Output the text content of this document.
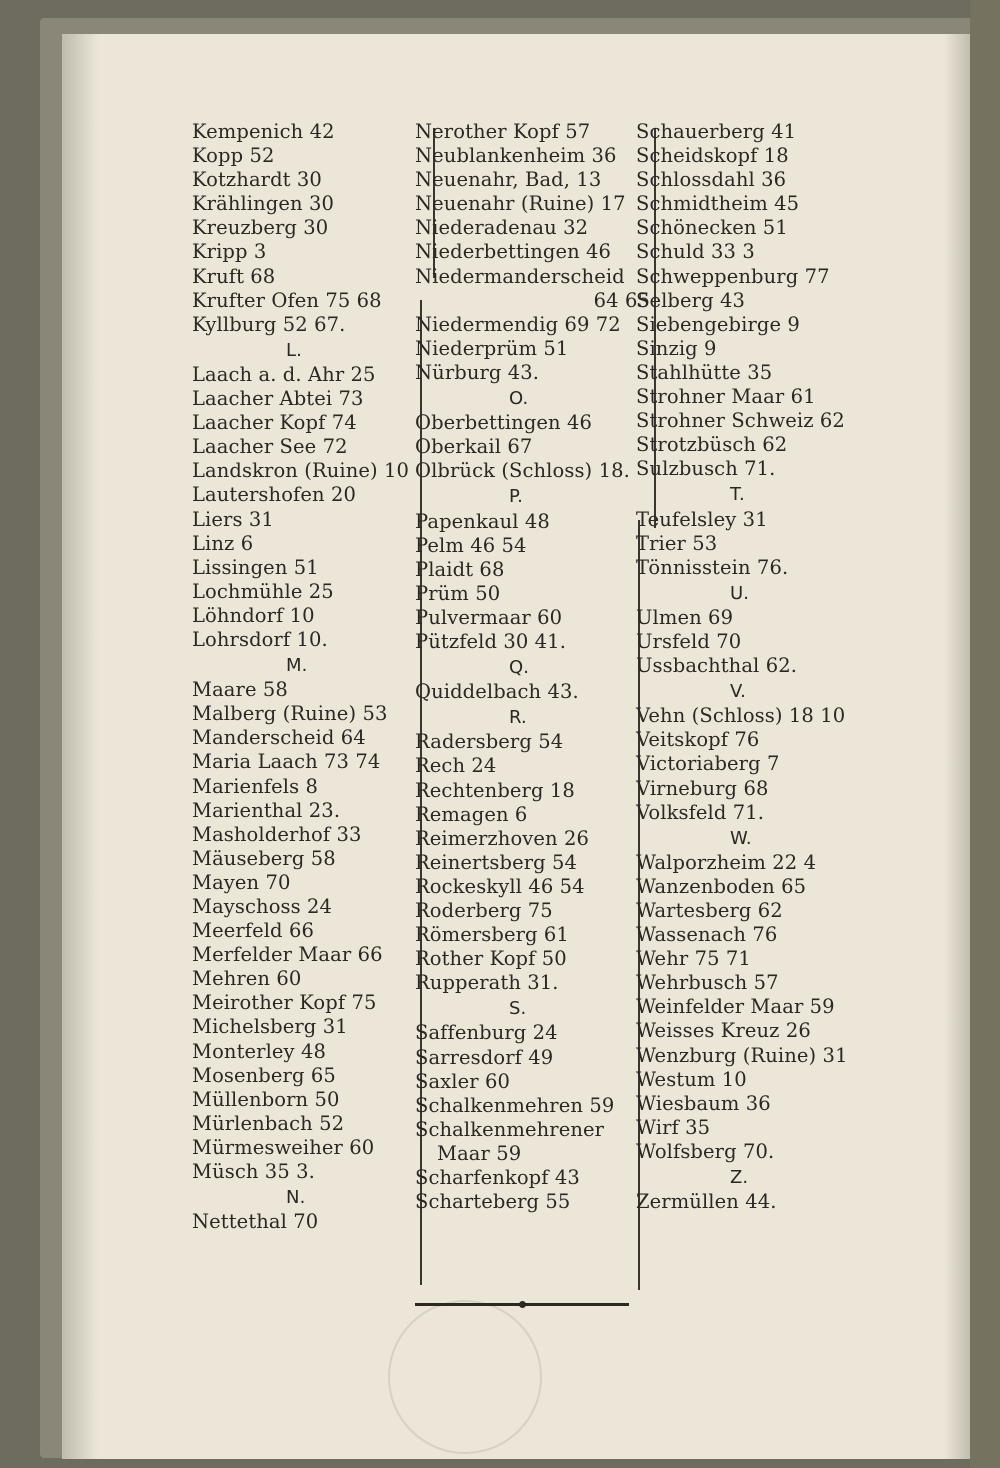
Kempenich 42
Kopp 52
Kotzhardt 30
Krählingen 30
Kreuzberg 30
Kripp 3
Kruft 68
Krufter Ofen 75 68
Kyllburg 52 67.
L.
Laach a. d. Ahr 25
Laacher Abtei 73
Laacher Kopf 74
Laacher See 72
Landskron (Ruine) 10
Lautershofen 20
Liers 31
Linz 6
Lissingen 51
Lochmühle 25
Löhndorf 10
Lohrsdorf 10.
M.
Maare 58
Malberg (Ruine) 53
Manderscheid 64
Maria Laach 73 74
Marienfels 8
Marienthal 23.
Masholderhof 33
Mäuseberg 58
Mayen 70
Mayschoss 24
Meerfeld 66
Merfelder Maar 66
Mehren 60
Meirother Kopf 75
Michelsberg 31
Monterley 48
Mosenberg 65
Müllenborn 50
Mürlenbach 52
Mürmesweiher 60
Müsch 35 3.
N.
Nettethal 70
Nerother Kopf 57
Neublankenheim 36
Neuenahr, Bad, 13
Neuenahr (Ruine) 17
Niederadenau 32
Niederbettingen 46
Niedermanderscheid
64 65
Niedermendig 69 72
Niederprüm 51
Nürburg 43.
O.
Oberbettingen 46
Oberkail 67
Olbrück (Schloss) 18.
P.
Papenkaul 48
Pelm 46 54
Plaidt 68
Prüm 50
Pulvermaar 60
Pützfeld 30 41.
Q.
Quiddelbach 43.
R.
Radersberg 54
Rech 24
Rechtenberg 18
Remagen 6
Reimerzhoven 26
Reinertsberg 54
Rockeskyll 46 54
Roderberg 75
Römersberg 61
Rother Kopf 50
Rupperath 31.
S.
Saffenburg 24
Sarresdorf 49
Saxler 60
Schalkenmehren 59
Schalkenmehrener
Maar 59
Scharfenkopf 43
Scharteberg 55
Schauerberg 41
Scheidskopf 18
Schlossdahl 36
Schmidtheim 45
Schönecken 51
Schuld 33 3
Schweppenburg 77
Selberg 43
Siebengebirge 9
Sinzig 9
Stahlhütte 35
Strohner Maar 61
Strohner Schweiz 62
Strotzbüsch 62
Sulzbusch 71.
T.
Teufelsley 31
Trier 53
Tönnisstein 76.
U.
Ulmen 69
Ursfeld 70
Ussbachthal 62.
V.
Vehn (Schloss) 18 10
Veitskopf 76
Victoriaberg 7
Virneburg 68
Volksfeld 71.
W.
Walporzheim 22 4
Wanzenboden 65
Wartesberg 62
Wassenach 76
Wehr 75 71
Wehrbusch 57
Weinfelder Maar 59
Weisses Kreuz 26
Wenzburg (Ruine) 31
Westum 10
Wiesbaum 36
Wirf 35
Wolfsberg 70.
Z.
Zermüllen 44.
